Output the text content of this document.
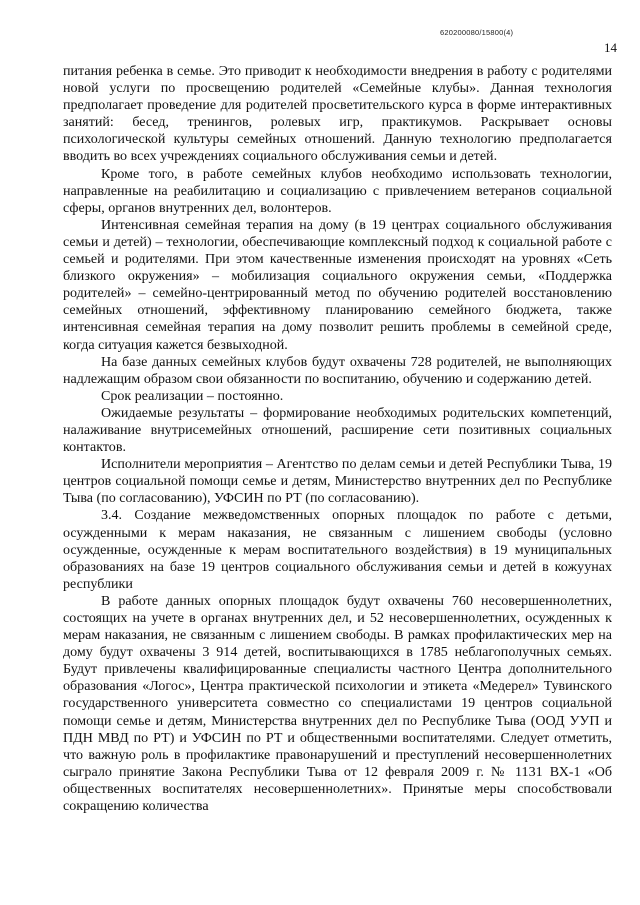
620200080/15800(4)
14

питания ребенка в семье. Это приводит к необходимости внедрения в работу с родителями новой услуги по просвещению родителей «Семейные клубы». Данная технология предполагает проведение для родителей просветительского курса в форме интерактивных занятий: бесед, тренингов, ролевых игр, практикумов. Раскрывает основы психологической культуры семейных отношений. Данную технологию предполагается вводить во всех учреждениях социального обслуживания семьи и детей.

Кроме того, в работе семейных клубов необходимо использовать технологии, направленные на реабилитацию и социализацию с привлечением ветеранов социальной сферы, органов внутренних дел, волонтеров.

Интенсивная семейная терапия на дому (в 19 центрах социального обслуживания семьи и детей) – технологии, обеспечивающие комплексный подход к социальной работе с семьей и родителями. При этом качественные изменения происходят на уровнях «Сеть близкого окружения» – мобилизация социального окружения семьи, «Поддержка родителей» – семейно-центрированный метод по обучению родителей восстановлению семейных отношений, эффективному планированию семейного бюджета, также интенсивная семейная терапия на дому позволит решить проблемы в семейной среде, когда ситуация кажется безвыходной.

На базе данных семейных клубов будут охвачены 728 родителей, не выполняющих надлежащим образом свои обязанности по воспитанию, обучению и содержанию детей.

Срок реализации – постоянно.

Ожидаемые результаты – формирование необходимых родительских компетенций, налаживание внутрисемейных отношений, расширение сети позитивных социальных контактов.

Исполнители мероприятия – Агентство по делам семьи и детей Республики Тыва, 19 центров социальной помощи семье и детям, Министерство внутренних дел по Республике Тыва (по согласованию), УФСИН по РТ (по согласованию).

3.4. Создание межведомственных опорных площадок по работе с детьми, осужденными к мерам наказания, не связанным с лишением свободы (условно осужденные, осужденные к мерам воспитательного воздействия) в 19 муниципальных образованиях на базе 19 центров социального обслуживания семьи и детей в кожуунах республики

В работе данных опорных площадок будут охвачены 760 несовершеннолетних, состоящих на учете в органах внутренних дел, и 52 несовершеннолетних, осужденных к мерам наказания, не связанным с лишением свободы. В рамках профилактических мер на дому будут охвачены 3 914 детей, воспитывающихся в 1785 неблагополучных семьях. Будут привлечены квалифицированные специалисты частного Центра дополнительного образования «Логос», Центра практической психологии и этикета «Медерел» Тувинского государственного университета совместно со специалистами 19 центров социальной помощи семье и детям, Министерства внутренних дел по Республике Тыва (ООД УУП и ПДН МВД по РТ) и УФСИН по РТ и общественными воспитателями. Следует отметить, что важную роль в профилактике правонарушений и преступлений несовершеннолетних сыграло принятие Закона Республики Тыва от 12 февраля 2009 г. № 1131 ВХ-1 «Об общественных воспитателях несовершеннолетних». Принятые меры способствовали сокращению количества
